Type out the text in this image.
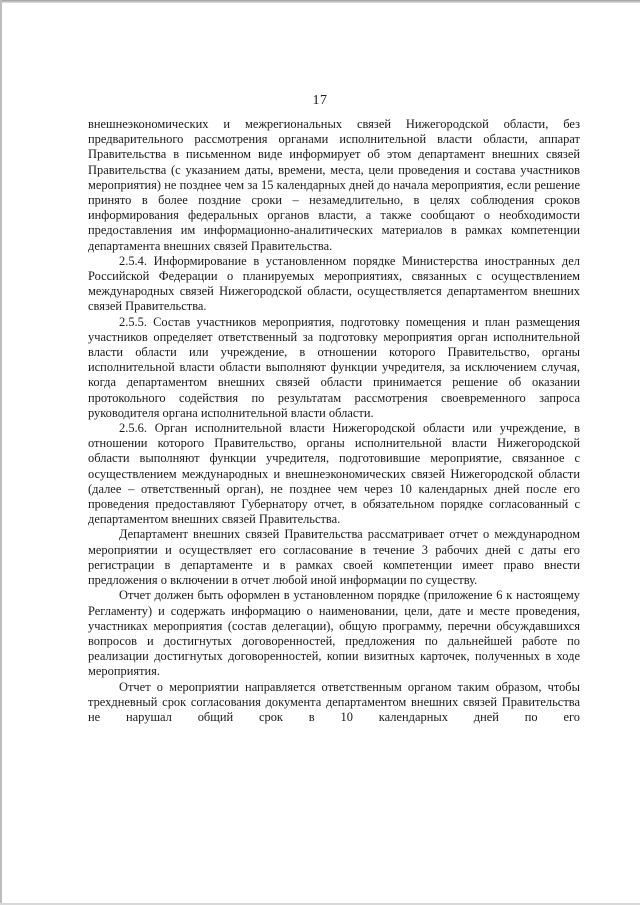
17

внешнеэкономических и межрегиональных связей Нижегородской области, без предварительного рассмотрения органами исполнительной власти области, аппарат Правительства в письменном виде информирует об этом департамент внешних связей Правительства (с указанием даты, времени, места, цели проведения и состава участников мероприятия) не позднее чем за 15 календарных дней до начала мероприятия, если решение принято в более поздние сроки – незамедлительно, в целях соблюдения сроков информирования федеральных органов власти, а также сообщают о необходимости предоставления им информационно-аналитических материалов в рамках компетенции департамента внешних связей Правительства.

2.5.4. Информирование в установленном порядке Министерства иностранных дел Российской Федерации о планируемых мероприятиях, связанных с осуществлением международных связей Нижегородской области, осуществляется департаментом внешних связей Правительства.

2.5.5. Состав участников мероприятия, подготовку помещения и план размещения участников определяет ответственный за подготовку мероприятия орган исполнительной власти области или учреждение, в отношении которого Правительство, органы исполнительной власти области выполняют функции учредителя, за исключением случая, когда департаментом внешних связей области принимается решение об оказании протокольного содействия по результатам рассмотрения своевременного запроса руководителя органа исполнительной власти области.

2.5.6. Орган исполнительной власти Нижегородской области или учреждение, в отношении которого Правительство, органы исполнительной власти Нижегородской области выполняют функции учредителя, подготовившие мероприятие, связанное с осуществлением международных и внешнеэкономических связей Нижегородской области (далее – ответственный орган), не позднее чем через 10 календарных дней после его проведения предоставляют Губернатору отчет, в обязательном порядке согласованный с департаментом внешних связей Правительства.

Департамент внешних связей Правительства рассматривает отчет о международном мероприятии и осуществляет его согласование в течение 3 рабочих дней с даты его регистрации в департаменте и в рамках своей компетенции имеет право внести предложения о включении в отчет любой иной информации по существу.

Отчет должен быть оформлен в установленном порядке (приложение 6 к настоящему Регламенту) и содержать информацию о наименовании, цели, дате и месте проведения, участниках мероприятия (состав делегации), общую программу, перечни обсуждавшихся вопросов и достигнутых договоренностей, предложения по дальнейшей работе по реализации достигнутых договоренностей, копии визитных карточек, полученных в ходе мероприятия.

Отчет о мероприятии направляется ответственным органом таким образом, чтобы трехдневный срок согласования документа департаментом внешних связей Правительства не нарушал общий срок в 10 календарных дней по его
